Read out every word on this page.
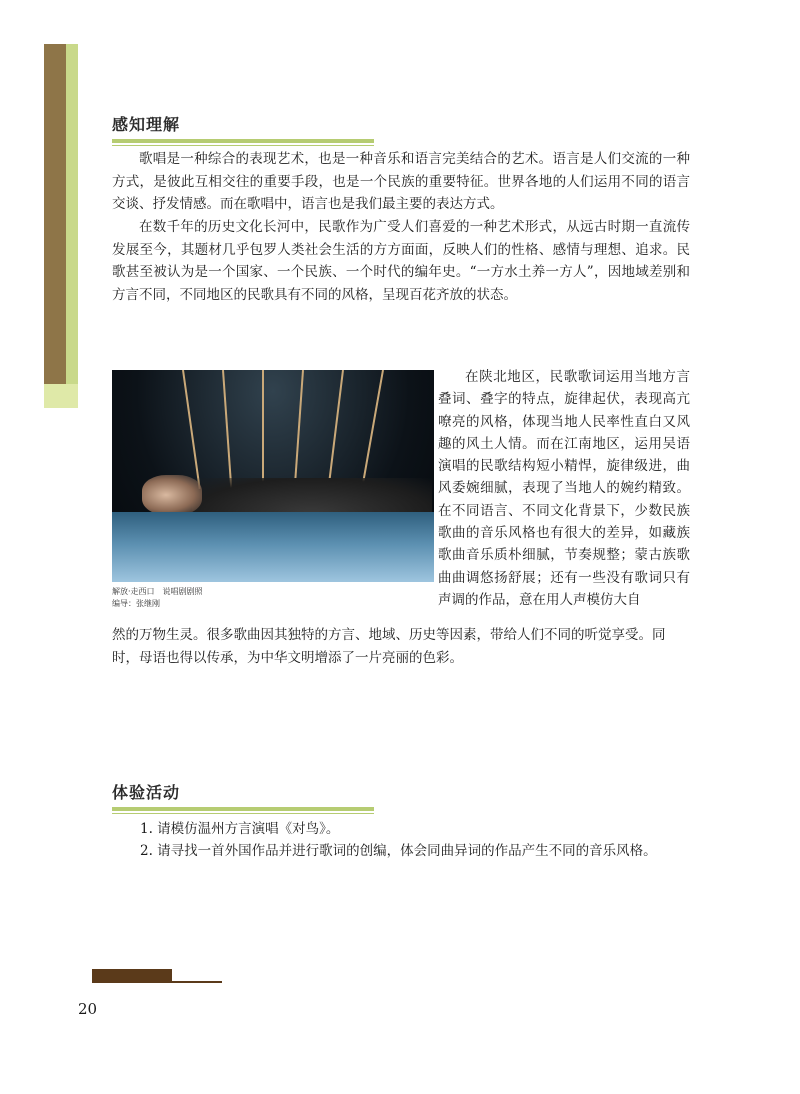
感知理解
歌唱是一种综合的表现艺术，也是一种音乐和语言完美结合的艺术。语言是人们交流的一种方式，是彼此互相交往的重要手段，也是一个民族的重要特征。世界各地的人们运用不同的语言交谈、抒发情感。而在歌唱中，语言也是我们最主要的表达方式。
在数千年的历史文化长河中，民歌作为广受人们喜爱的一种艺术形式，从远古时期一直流传发展至今，其题材几乎包罗人类社会生活的方方面面，反映人们的性格、感情与理想、追求。民歌甚至被认为是一个国家、一个民族、一个时代的编年史。“一方水土养一方人”，因地域差别和方言不同，不同地区的民歌具有不同的风格，呈现百花齐放的状态。
解放·走西口　说唱剧剧照
编导：张继刚
在陕北地区，民歌歌词运用当地方言叠词、叠字的特点，旋律起伏，表现高亢嘹亮的风格，体现当地人民率性直白又风趣的风土人情。而在江南地区，运用吴语演唱的民歌结构短小精悍，旋律级进，曲风委婉细腻，表现了当地人的婉约精致。在不同语言、不同文化背景下，少数民族歌曲的音乐风格也有很大的差异，如藏族歌曲音乐质朴细腻，节奏规整；蒙古族歌曲曲调悠扬舒展；还有一些没有歌词只有声调的作品，意在用人声模仿大自
然的万物生灵。很多歌曲因其独特的方言、地域、历史等因素，带给人们不同的听觉享受。同时，母语也得以传承，为中华文明增添了一片亮丽的色彩。
体验活动
1. 请模仿温州方言演唱《对鸟》。
2. 请寻找一首外国作品并进行歌词的创编，体会同曲异词的作品产生不同的音乐风格。
20
